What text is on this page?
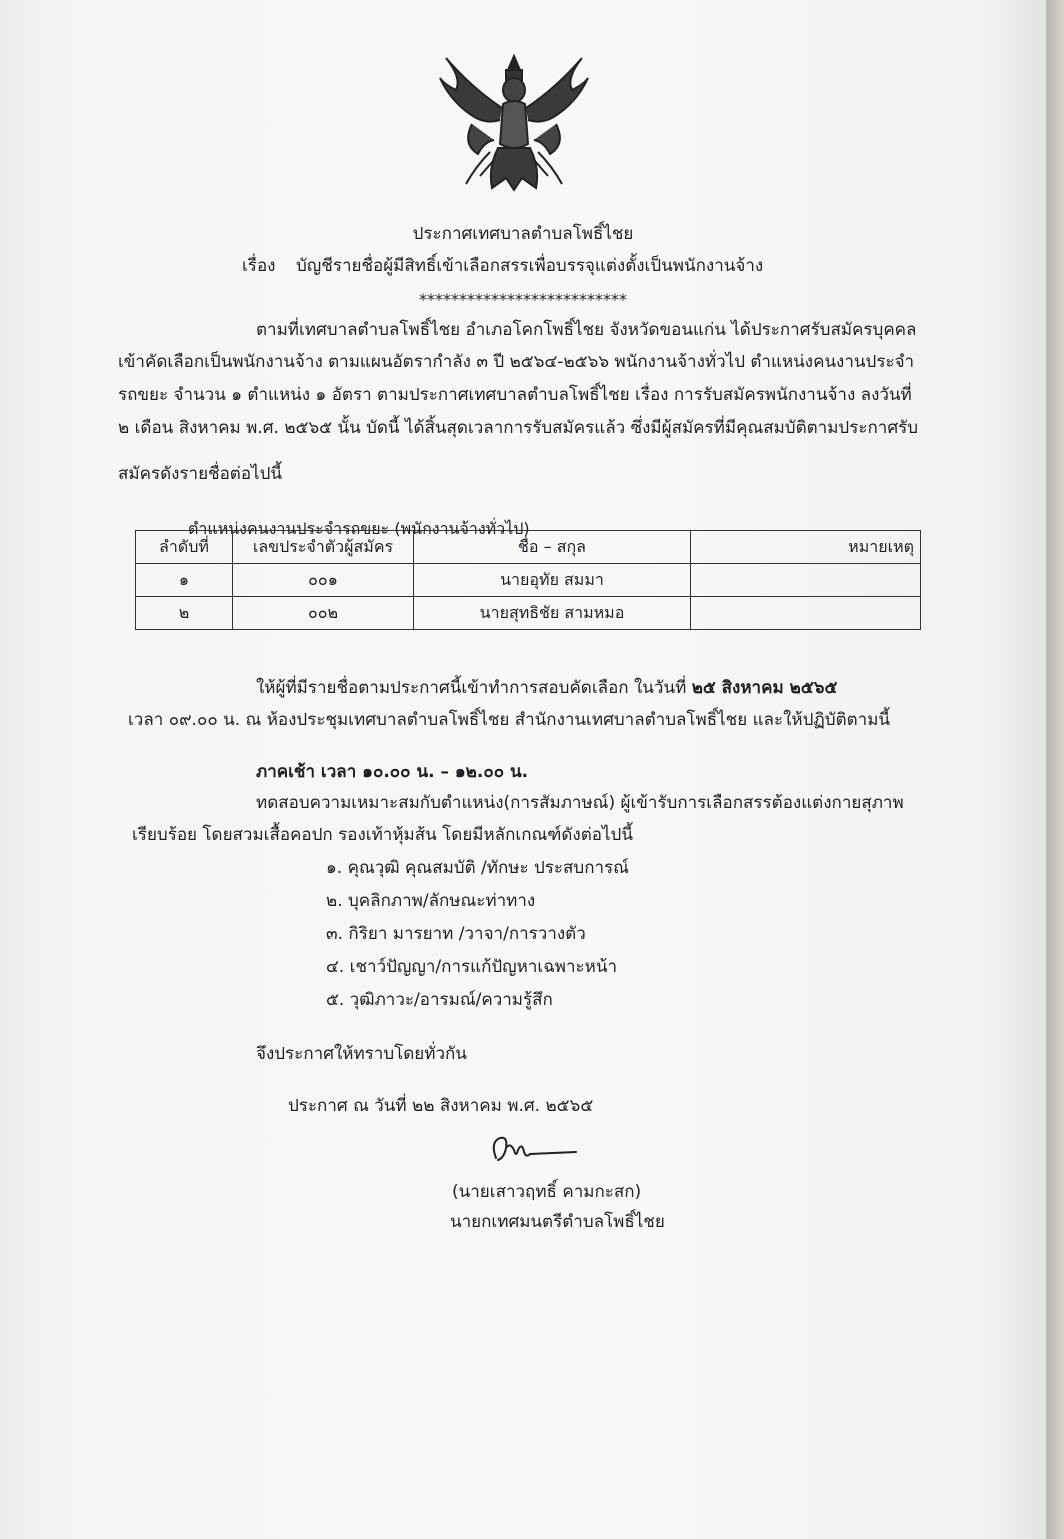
ประกาศเทศบาลตำบลโพธิ์ไชย
เรื่อง บัญชีรายชื่อผู้มีสิทธิ์เข้าเลือกสรรเพื่อบรรจุแต่งตั้งเป็นพนักงานจ้าง
**************************
ตามที่เทศบาลตำบลโพธิ์ไชย อำเภอโคกโพธิ์ไชย จังหวัดขอนแก่น ได้ประกาศรับสมัครบุคคล
เข้าคัดเลือกเป็นพนักงานจ้าง ตามแผนอัตรากำลัง ๓ ปี ๒๕๖๔-๒๕๖๖ พนักงานจ้างทั่วไป ตำแหน่งคนงานประจำ
รถขยะ จำนวน ๑ ตำแหน่ง ๑ อัตรา ตามประกาศเทศบาลตำบลโพธิ์ไชย เรื่อง การรับสมัครพนักงานจ้าง ลงวันที่
๒ เดือน สิงหาคม พ.ศ. ๒๕๖๕ นั้น บัดนี้ ได้สิ้นสุดเวลาการรับสมัครแล้ว ซึ่งมีผู้สมัครที่มีคุณสมบัติตามประกาศรับ
สมัครดังรายชื่อต่อไปนี้
ตำแหน่งคนงานประจำรถขยะ (พนักงานจ้างทั่วไป)
ลำดับที่	เลขประจำตัวผู้สมัคร	ชื่อ – สกุล	หมายเหตุ
๑	๐๐๑	นายอุทัย สมมา	
๒	๐๐๒	นายสุทธิชัย สามหมอ	
ให้ผู้ที่มีรายชื่อตามประกาศนี้เข้าทำการสอบคัดเลือก ในวันที่ ๒๕ สิงหาคม ๒๕๖๕
เวลา ๐๙.๐๐ น. ณ ห้องประชุมเทศบาลตำบลโพธิ์ไชย สำนักงานเทศบาลตำบลโพธิ์ไชย และให้ปฏิบัติตามนี้
ภาคเช้า เวลา ๑๐.๐๐ น. – ๑๒.๐๐ น.
ทดสอบความเหมาะสมกับตำแหน่ง(การสัมภาษณ์) ผู้เข้ารับการเลือกสรรต้องแต่งกายสุภาพ
เรียบร้อย โดยสวมเสื้อคอปก รองเท้าหุ้มส้น โดยมีหลักเกณฑ์ดังต่อไปนี้
๑. คุณวุฒิ คุณสมบัติ /ทักษะ ประสบการณ์
๒. บุคลิกภาพ/ลักษณะท่าทาง
๓. กิริยา มารยาท /วาจา/การวางตัว
๔. เชาว์ปัญญา/การแก้ปัญหาเฉพาะหน้า
๕. วุฒิภาวะ/อารมณ์/ความรู้สึก
จึงประกาศให้ทราบโดยทั่วกัน
ประกาศ ณ วันที่ ๒๒ สิงหาคม พ.ศ. ๒๕๖๕
(นายเสาวฤทธิ์ คามกะสก)
นายกเทศมนตรีตำบลโพธิ์ไชย
